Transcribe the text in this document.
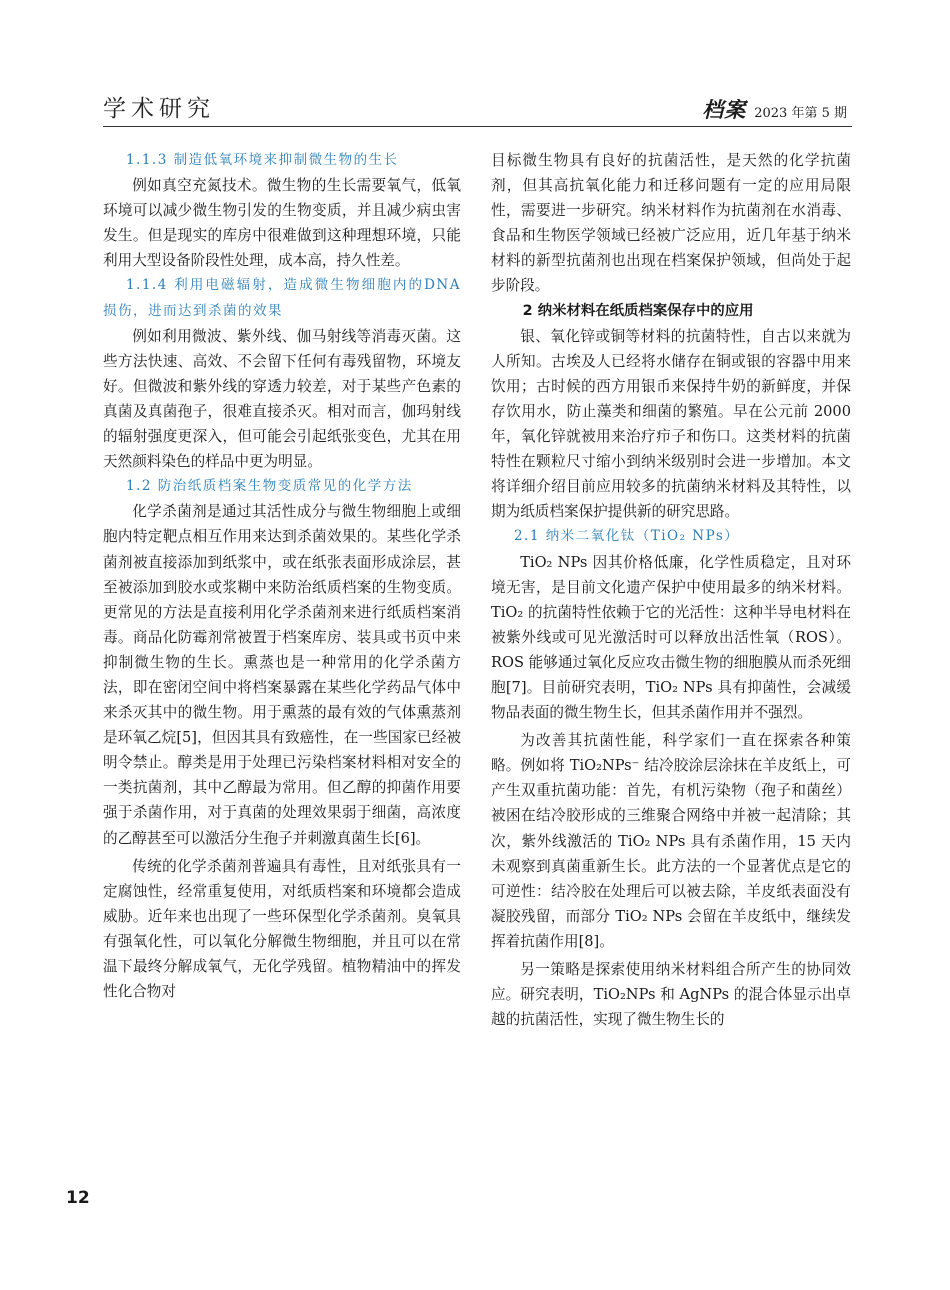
学术研究	档案 2023 年第 5 期
1.1.3 制造低氧环境来抑制微生物的生长

例如真空充氮技术。微生物的生长需要氧气，低氧环境可以减少微生物引发的生物变质，并且减少病虫害发生。但是现实的库房中很难做到这种理想环境，只能利用大型设备阶段性处理，成本高，持久性差。

1.1.4 利用电磁辐射，造成微生物细胞内的DNA 损伤，进而达到杀菌的效果

例如利用微波、紫外线、伽马射线等消毒灭菌。这些方法快速、高效、不会留下任何有毒残留物，环境友好。但微波和紫外线的穿透力较差，对于某些产色素的真菌及真菌孢子，很难直接杀灭。相对而言，伽玛射线的辐射强度更深入，但可能会引起纸张变色，尤其在用天然颜料染色的样品中更为明显。

1.2 防治纸质档案生物变质常见的化学方法

化学杀菌剂是通过其活性成分与微生物细胞上或细胞内特定靶点相互作用来达到杀菌效果的。某些化学杀菌剂被直接添加到纸浆中，或在纸张表面形成涂层，甚至被添加到胶水或浆糊中来防治纸质档案的生物变质。更常见的方法是直接利用化学杀菌剂来进行纸质档案消毒。商品化防霉剂常被置于档案库房、装具或书页中来抑制微生物的生长。熏蒸也是一种常用的化学杀菌方法，即在密闭空间中将档案暴露在某些化学药品气体中来杀灭其中的微生物。用于熏蒸的最有效的气体熏蒸剂是环氧乙烷[5]，但因其具有致癌性，在一些国家已经被明令禁止。醇类是用于处理已污染档案材料相对安全的一类抗菌剂，其中乙醇最为常用。但乙醇的抑菌作用要强于杀菌作用，对于真菌的处理效果弱于细菌，高浓度的乙醇甚至可以激活分生孢子并刺激真菌生长[6]。

传统的化学杀菌剂普遍具有毒性，且对纸张具有一定腐蚀性，经常重复使用，对纸质档案和环境都会造成威胁。近年来也出现了一些环保型化学杀菌剂。臭氧具有强氧化性，可以氧化分解微生物细胞，并且可以在常温下最终分解成氧气，无化学残留。植物精油中的挥发性化合物对

目标微生物具有良好的抗菌活性，是天然的化学抗菌剂，但其高抗氧化能力和迁移问题有一定的应用局限性，需要进一步研究。纳米材料作为抗菌剂在水消毒、食品和生物医学领域已经被广泛应用，近几年基于纳米材料的新型抗菌剂也出现在档案保护领域，但尚处于起步阶段。

2 纳米材料在纸质档案保存中的应用

银、氧化锌或铜等材料的抗菌特性，自古以来就为人所知。古埃及人已经将水储存在铜或银的容器中用来饮用；古时候的西方用银币来保持牛奶的新鲜度，并保存饮用水，防止藻类和细菌的繁殖。早在公元前 2000 年，氧化锌就被用来治疗疖子和伤口。这类材料的抗菌特性在颗粒尺寸缩小到纳米级别时会进一步增加。本文将详细介绍目前应用较多的抗菌纳米材料及其特性，以期为纸质档案保护提供新的研究思路。

2.1 纳米二氧化钛（TiO₂ NPs）

TiO₂ NPs 因其价格低廉，化学性质稳定，且对环境无害，是目前文化遗产保护中使用最多的纳米材料。TiO₂ 的抗菌特性依赖于它的光活性：这种半导电材料在被紫外线或可见光激活时可以释放出活性氧（ROS）。ROS 能够通过氧化反应攻击微生物的细胞膜从而杀死细胞[7]。目前研究表明，TiO₂ NPs 具有抑菌性，会减缓物品表面的微生物生长，但其杀菌作用并不强烈。

为改善其抗菌性能，科学家们一直在探索各种策略。例如将 TiO₂NPs⁻ 结冷胶涂层涂抹在羊皮纸上，可产生双重抗菌功能：首先，有机污染物（孢子和菌丝）被困在结冷胶形成的三维聚合网络中并被一起清除；其次，紫外线激活的 TiO₂ NPs 具有杀菌作用，15 天内未观察到真菌重新生长。此方法的一个显著优点是它的可逆性：结冷胶在处理后可以被去除，羊皮纸表面没有凝胶残留，而部分 TiO₂ NPs 会留在羊皮纸中，继续发挥着抗菌作用[8]。

另一策略是探索使用纳米材料组合所产生的协同效应。研究表明，TiO₂NPs 和 AgNPs 的混合体显示出卓越的抗菌活性，实现了微生物生长的

12
